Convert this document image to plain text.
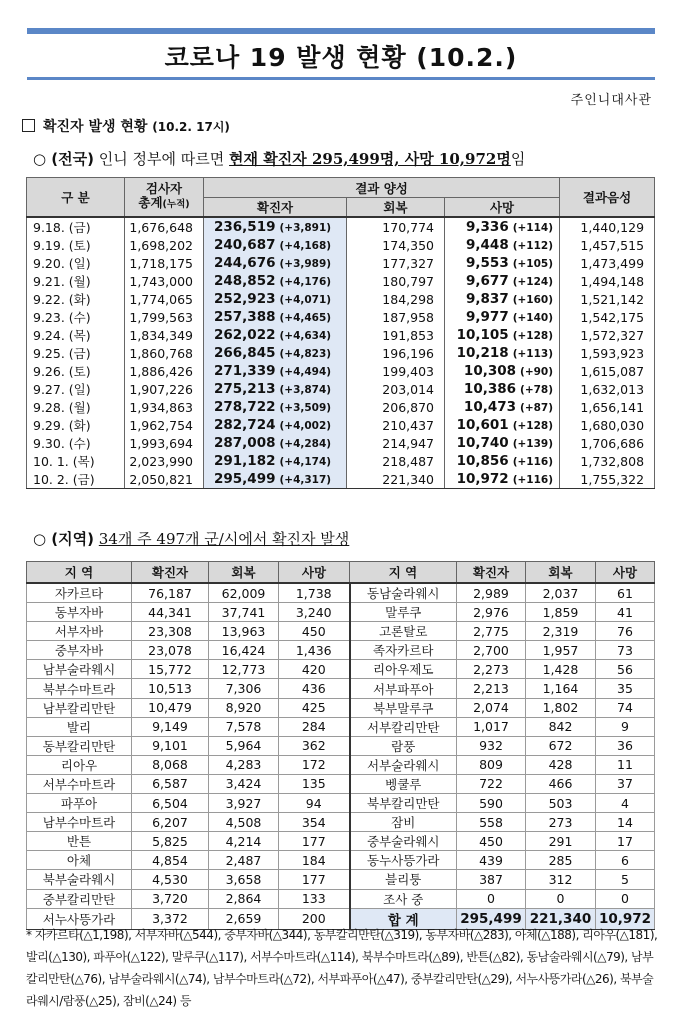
코로나 19 발생 현황 (10.2.)
주인니대사관
확진자 발생 현황 (10.2. 17시)
○ (전국) 인니 정부에 따르면 현재 확진자 295,499명, 사망 10,972명임
구 분	검사자
총계(누적)	결과 양성			결과음성
		확진자	회복	사망	
9.18. (금)	1,676,648	236,519 (+3,891)	170,774	9,336 (+114)	1,440,129
9.19. (토)	1,698,202	240,687 (+4,168)	174,350	9,448 (+112)	1,457,515
9.20. (일)	1,718,175	244,676 (+3,989)	177,327	9,553 (+105)	1,473,499
9.21. (월)	1,743,000	248,852 (+4,176)	180,797	9,677 (+124)	1,494,148
9.22. (화)	1,774,065	252,923 (+4,071)	184,298	9,837 (+160)	1,521,142
9.23. (수)	1,799,563	257,388 (+4,465)	187,958	9,977 (+140)	1,542,175
9.24. (목)	1,834,349	262,022 (+4,634)	191,853	10,105 (+128)	1,572,327
9.25. (금)	1,860,768	266,845 (+4,823)	196,196	10,218 (+113)	1,593,923
9.26. (토)	1,886,426	271,339 (+4,494)	199,403	10,308 (+90)	1,615,087
9.27. (일)	1,907,226	275,213 (+3,874)	203,014	10,386 (+78)	1,632,013
9.28. (월)	1,934,863	278,722 (+3,509)	206,870	10,473 (+87)	1,656,141
9.29. (화)	1,962,754	282,724 (+4,002)	210,437	10,601 (+128)	1,680,030
9.30. (수)	1,993,694	287,008 (+4,284)	214,947	10,740 (+139)	1,706,686
10. 1. (목)	2,023,990	291,182 (+4,174)	218,487	10,856 (+116)	1,732,808
10. 2. (금)	2,050,821	295,499 (+4,317)	221,340	10,972 (+116)	1,755,322
○ (지역) 34개 주 497개 군/시에서 확진자 발생
지 역	확진자	회복	사망	지 역	확진자	회복	사망
자카르타	76,187	62,009	1,738	동남술라웨시	2,989	2,037	61
동부자바	44,341	37,741	3,240	말루쿠	2,976	1,859	41
서부자바	23,308	13,963	450	고론탈로	2,775	2,319	76
중부자바	23,078	16,424	1,436	족자카르타	2,700	1,957	73
남부술라웨시	15,772	12,773	420	리아우제도	2,273	1,428	56
북부수마트라	10,513	7,306	436	서부파푸아	2,213	1,164	35
남부칼리만탄	10,479	8,920	425	북부말루쿠	2,074	1,802	74
발리	9,149	7,578	284	서부칼리만탄	1,017	842	9
동부칼리만탄	9,101	5,964	362	람풍	932	672	36
리아우	8,068	4,283	172	서부술라웨시	809	428	11
서부수마트라	6,587	3,424	135	벵쿨루	722	466	37
파푸아	6,504	3,927	94	북부칼리만탄	590	503	4
남부수마트라	6,207	4,508	354	잠비	558	273	14
반튼	5,825	4,214	177	중부술라웨시	450	291	17
아체	4,854	2,487	184	동누사뜽가라	439	285	6
북부술라웨시	4,530	3,658	177	블리퉁	387	312	5
중부칼리만탄	3,720	2,864	133	조사 중	0	0	0
서누사뜽가라	3,372	2,659	200	합 계	295,499	221,340	10,972
* 자카르타(△1,198), 서부자바(△544), 중부자바(△344), 동부칼리만탄(△319), 동부자바(△283), 아체(△188), 리아우(△181), 발리(△130), 파푸아(△122), 말루쿠(△117), 서부수마트라(△114), 북부수마트라(△89), 반튼(△82), 동남술라웨시(△79), 남부칼리만탄(△76), 남부술라웨시(△74), 남부수마트라(△72), 서부파푸아(△47), 중부칼리만탄(△29), 서누사뜽가라(△26), 북부술라웨시/람풍(△25), 잠비(△24) 등
